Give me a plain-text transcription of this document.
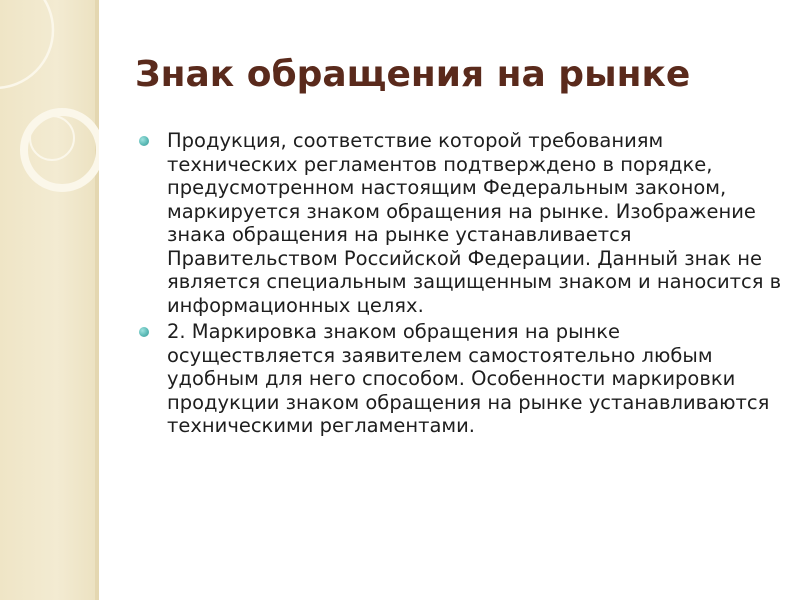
Знак обращения на рынке
Продукция, соответствие которой требованиям технических регламентов подтверждено в порядке, предусмотренном настоящим Федеральным законом, маркируется знаком обращения на рынке. Изображение знака обращения на рынке устанавливается Правительством Российской Федерации. Данный знак не является специальным защищенным знаком и наносится в информационных целях.
2. Маркировка знаком обращения на рынке осуществляется заявителем самостоятельно любым удобным для него способом. Особенности маркировки продукции знаком обращения на рынке устанавливаются техническими регламентами.
